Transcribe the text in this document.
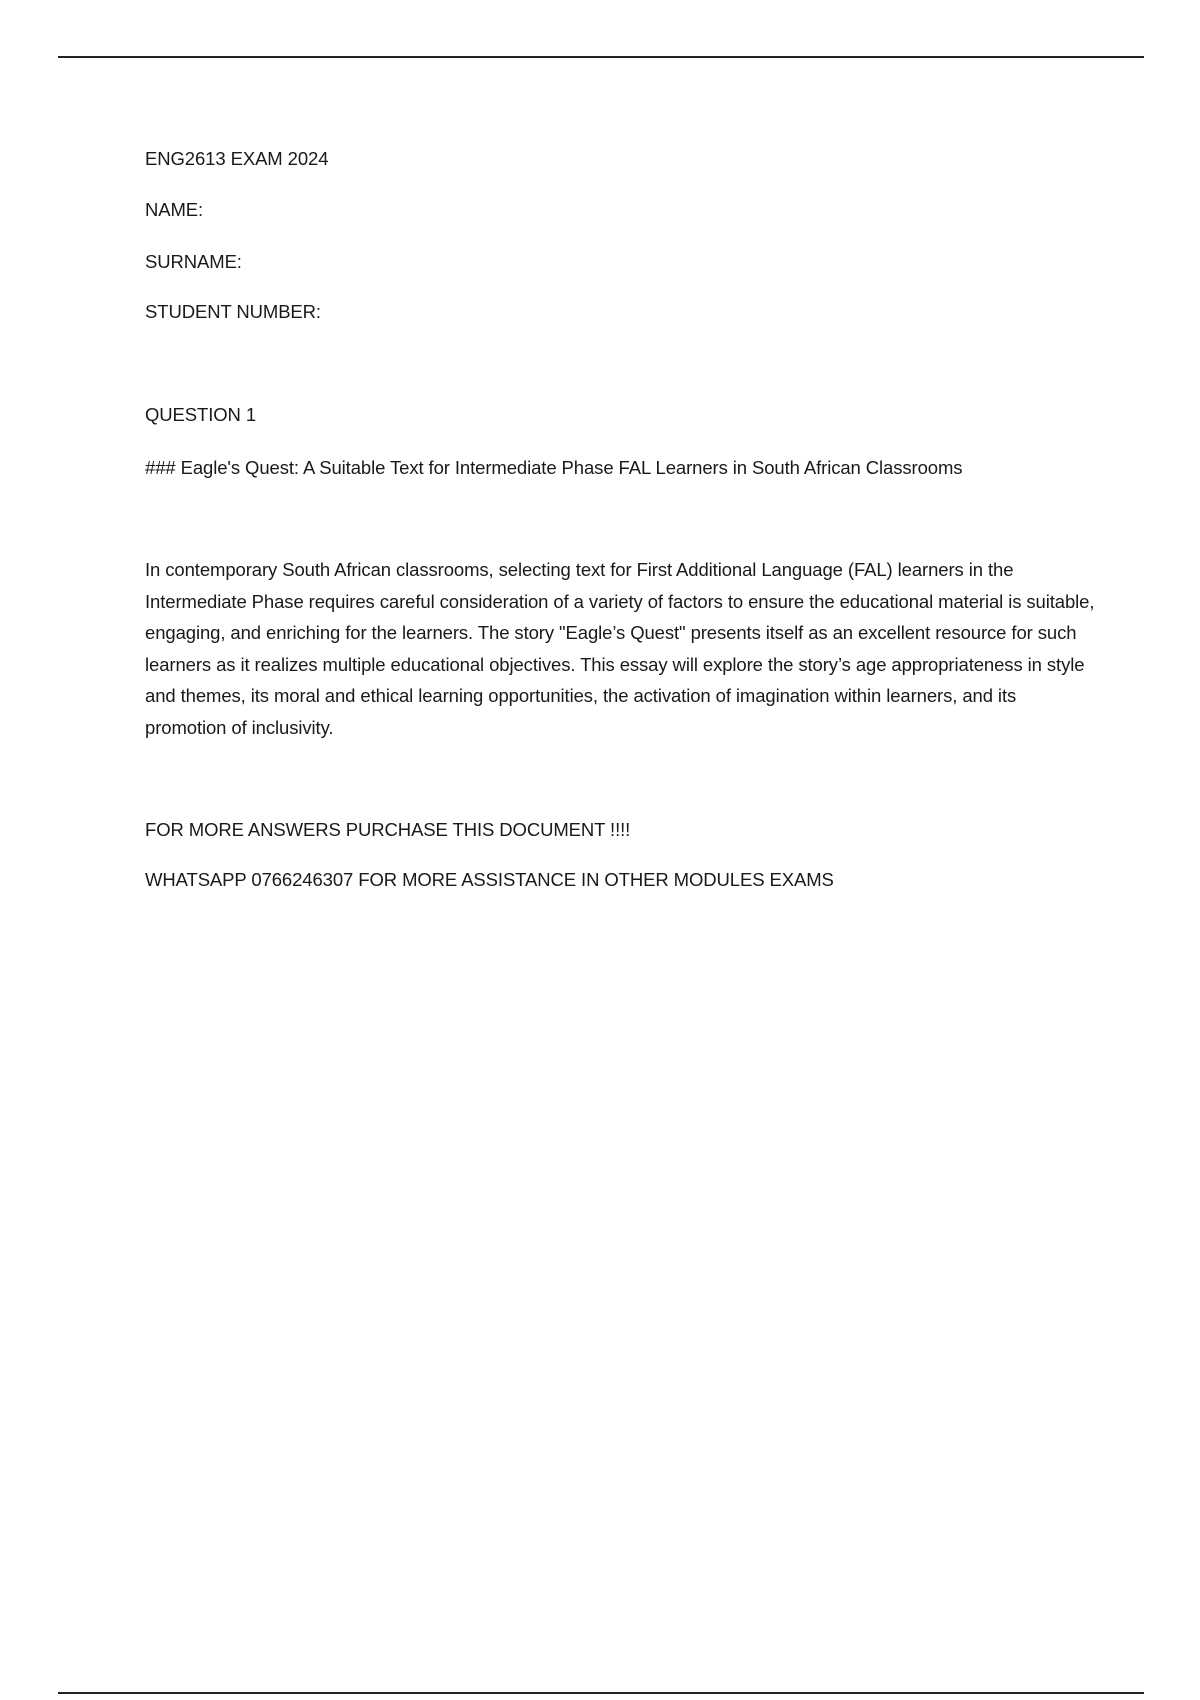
ENG2613 EXAM 2024
NAME:
SURNAME:
STUDENT NUMBER:
QUESTION 1
### Eagle's Quest: A Suitable Text for Intermediate Phase FAL Learners in South African Classrooms

In contemporary South African classrooms, selecting text for First Additional Language (FAL) learners in the Intermediate Phase requires careful consideration of a variety of factors to ensure the educational material is suitable, engaging, and enriching for the learners. The story "Eagle’s Quest" presents itself as an excellent resource for such learners as it realizes multiple educational objectives. This essay will explore the story’s age appropriateness in style and themes, its moral and ethical learning opportunities, the activation of imagination within learners, and its promotion of inclusivity.

FOR MORE ANSWERS PURCHASE THIS DOCUMENT !!!!
WHATSAPP 0766246307 FOR MORE ASSISTANCE IN OTHER MODULES EXAMS
